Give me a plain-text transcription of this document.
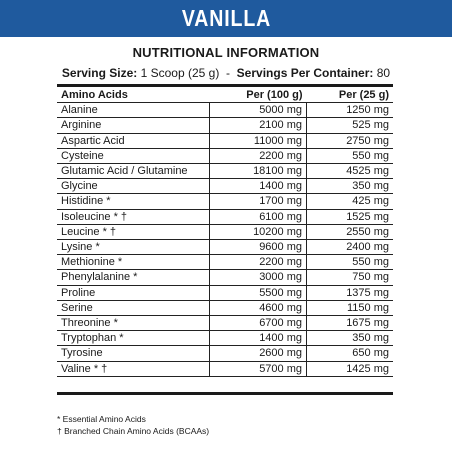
VANILLA
NUTRITIONAL INFORMATION
Serving Size: 1 Scoop (25 g) - Servings Per Container: 80
Amino Acids	Per (100 g)	Per (25 g)
Alanine	5000 mg	1250 mg
Arginine	2100 mg	525 mg
Aspartic Acid	11000 mg	2750 mg
Cysteine	2200 mg	550 mg
Glutamic Acid / Glutamine	18100 mg	4525 mg
Glycine	1400 mg	350 mg
Histidine *	1700 mg	425 mg
Isoleucine * †	6100 mg	1525 mg
Leucine * †	10200 mg	2550 mg
Lysine *	9600 mg	2400 mg
Methionine *	2200 mg	550 mg
Phenylalanine *	3000 mg	750 mg
Proline	5500 mg	1375 mg
Serine	4600 mg	1150 mg
Threonine *	6700 mg	1675 mg
Tryptophan *	1400 mg	350 mg
Tyrosine	2600 mg	650 mg
Valine * †	5700 mg	1425 mg
* Essential Amino Acids
† Branched Chain Amino Acids (BCAAs)
